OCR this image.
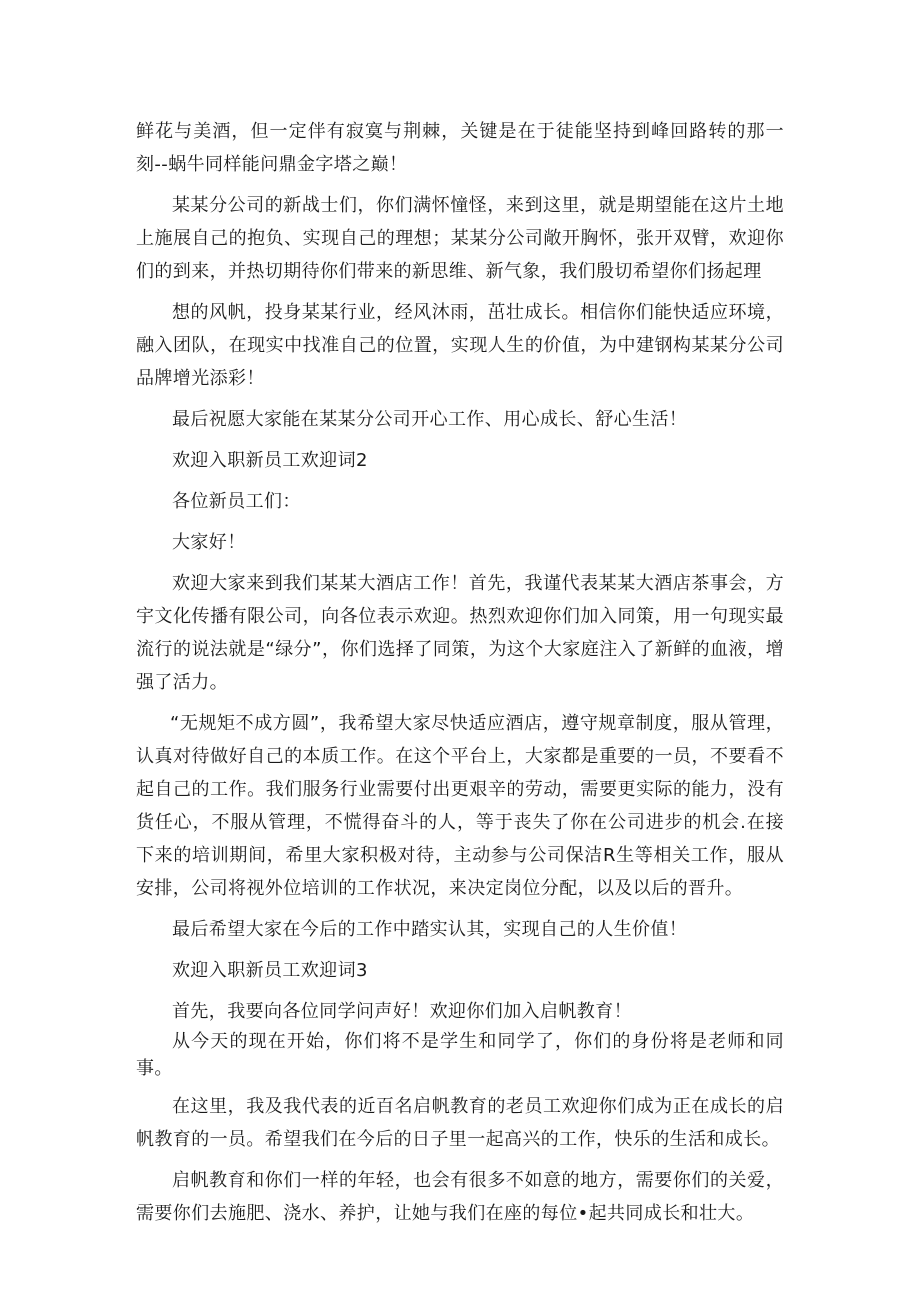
鲜花与美酒，但一定伴有寂寞与荆棘，关键是在于徒能坚持到峰回路转的那一刻--蜗牛同样能问鼎金字塔之巅！

某某分公司的新战士们，你们满怀憧怪，来到这里，就是期望能在这片土地上施展自己的抱负、实现自己的理想；某某分公司敞开胸怀，张开双臂，欢迎你们的到来，并热切期待你们带来的新思维、新气象，我们殷切希望你们扬起理

想的风帆，投身某某行业，经风沐雨，茁壮成长。相信你们能快适应环境，融入团队，在现实中找准自己的位置，实现人生的价值，为中建钢构某某分公司品牌增光添彩！

最后祝愿大家能在某某分公司开心工作、用心成长、舒心生活！

欢迎入职新员工欢迎词2

各位新员工们：

大家好！

欢迎大家来到我们某某大酒店工作！首先，我谨代表某某大酒店茶事会，方宇文化传播有限公司，向各位表示欢迎。热烈欢迎你们加入同策，用一句现实最流行的说法就是“绿分”，你们选择了同策，为这个大家庭注入了新鲜的血液，增强了活力。

“无规矩不成方圆”，我希望大家尽快适应酒店，遵守规章制度，服从管理，认真对待做好自己的本质工作。在这个平台上，大家都是重要的一员，不要看不起自己的工作。我们服务行业需要付出更艰辛的劳动，需要更实际的能力，没有货任心，不服从管理，不慌得奋斗的人，等于丧失了你在公司进步的机会.在接下来的培训期间，希里大家积极对待，主动参与公司保洁R生等相关工作，服从安排，公司将视外位培训的工作状况，来决定岗位分配，以及以后的晋升。

最后希望大家在今后的工作中踏实认其，实现自己的人生价值！

欢迎入职新员工欢迎词3

首先，我要向各位同学问声好！欢迎你们加入启帆教育！

从今天的现在开始，你们将不是学生和同学了，你们的身份将是老师和同事。

在这里，我及我代表的近百名启帆教育的老员工欢迎你们成为正在成长的启帆教育的一员。希望我们在今后的日子里一起高兴的工作，快乐的生活和成长。

启帆教育和你们一样的年轻，也会有很多不如意的地方，需要你们的关爱，需要你们去施肥、浇水、养护，让她与我们在座的每位•起共同成长和壮大。
